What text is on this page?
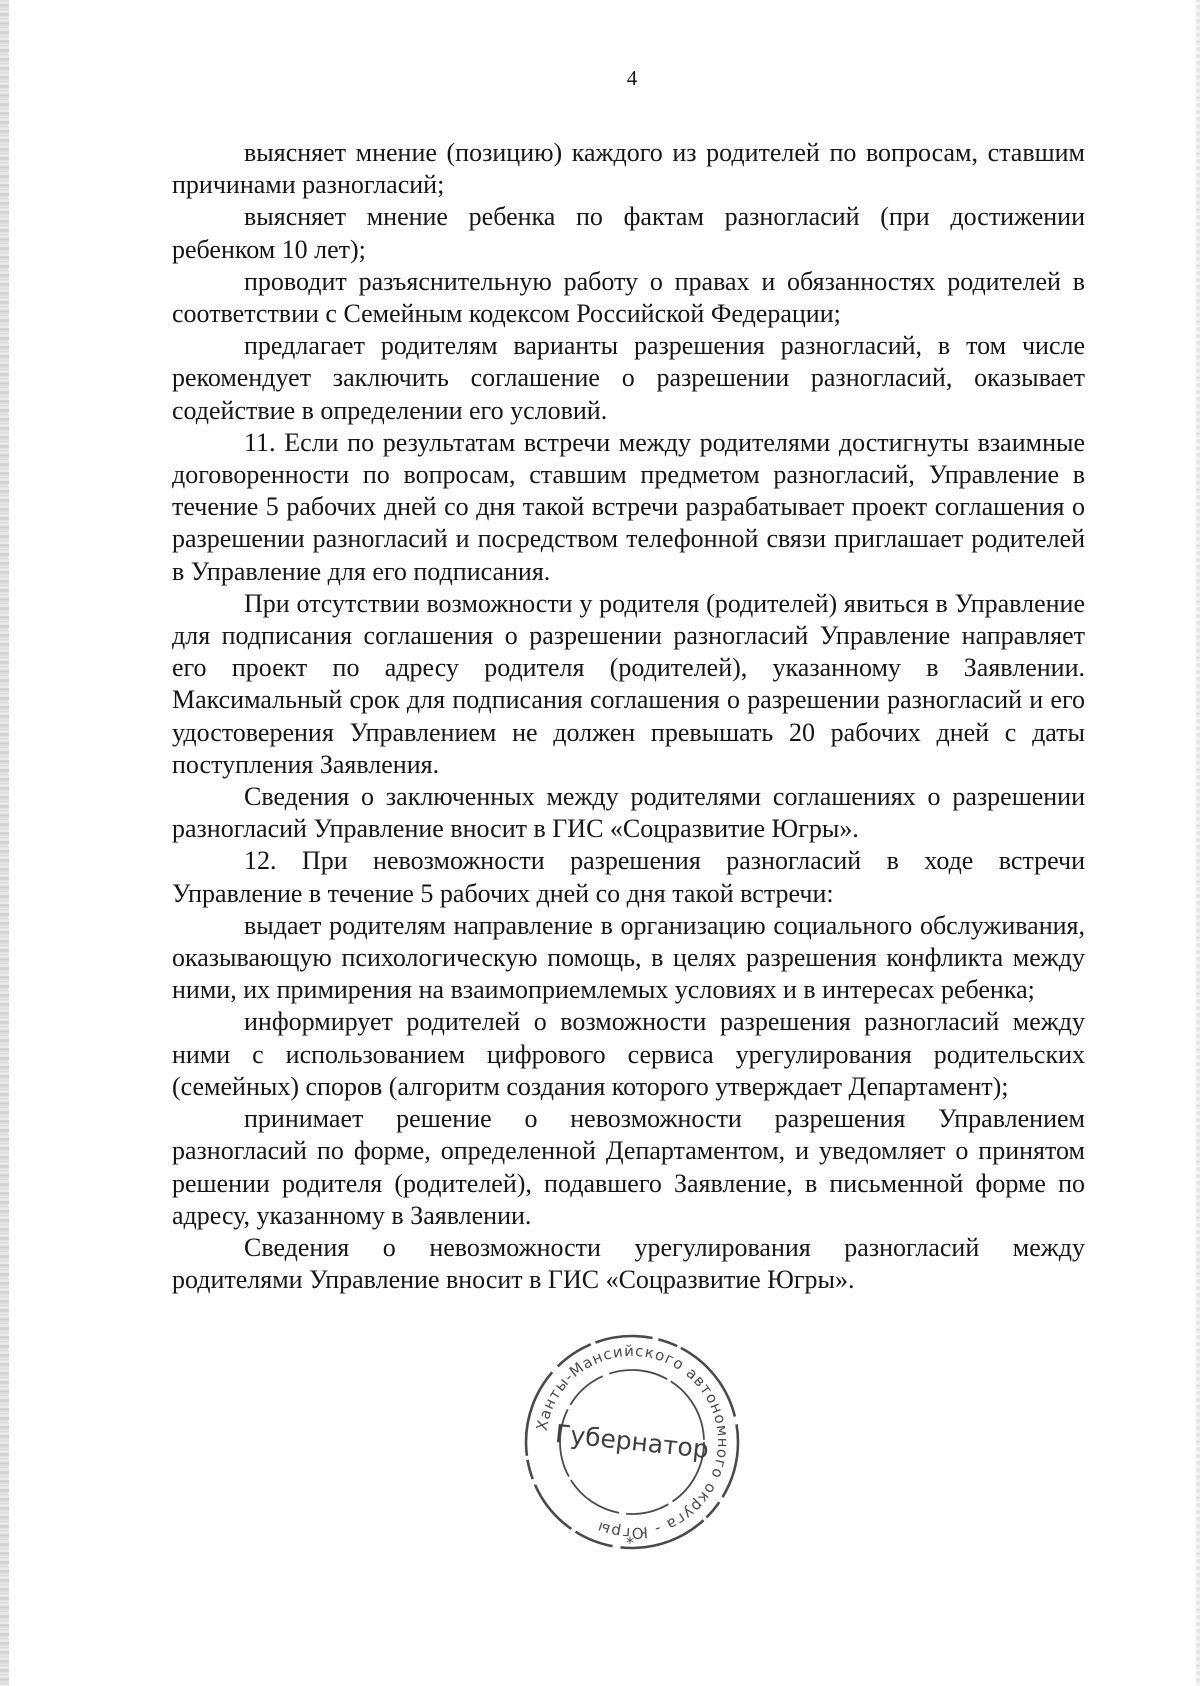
4

выясняет мнение (позицию) каждого из родителей по вопросам, ставшим причинами разногласий;

выясняет мнение ребенка по фактам разногласий (при достижении ребенком 10 лет);

проводит разъяснительную работу о правах и обязанностях родителей в соответствии с Семейным кодексом Российской Федерации;

предлагает родителям варианты разрешения разногласий, в том числе рекомендует заключить соглашение о разрешении разногласий, оказывает содействие в определении его условий.

11. Если по результатам встречи между родителями достигнуты взаимные договоренности по вопросам, ставшим предметом разногласий, Управление в течение 5 рабочих дней со дня такой встречи разрабатывает проект соглашения о разрешении разногласий и посредством телефонной связи приглашает родителей в Управление для его подписания.

При отсутствии возможности у родителя (родителей) явиться в Управление для подписания соглашения о разрешении разногласий Управление направляет его проект по адресу родителя (родителей), указанному в Заявлении. Максимальный срок для подписания соглашения о разрешении разногласий и его удостоверения Управлением не должен превышать 20 рабочих дней с даты поступления Заявления.

Сведения о заключенных между родителями соглашениях о разрешении разногласий Управление вносит в ГИС «Соцразвитие Югры».

12. При невозможности разрешения разногласий в ходе встречи Управление в течение 5 рабочих дней со дня такой встречи:

выдает родителям направление в организацию социального обслуживания, оказывающую психологическую помощь, в целях разрешения конфликта между ними, их примирения на взаимоприемлемых условиях и в интересах ребенка;

информирует родителей о возможности разрешения разногласий между ними с использованием цифрового сервиса урегулирования родительских (семейных) споров (алгоритм создания которого утверждает Департамент);

принимает решение о невозможности разрешения Управлением разногласий по форме, определенной Департаментом, и уведомляет о принятом решении родителя (родителей), подавшего Заявление, в письменной форме по адресу, указанному в Заявлении.

Сведения о невозможности урегулирования разногласий между родителями Управление вносит в ГИС «Соцразвитие Югры».

Ханты-Мансийского автономного округа - Югры
Губернатор
*
